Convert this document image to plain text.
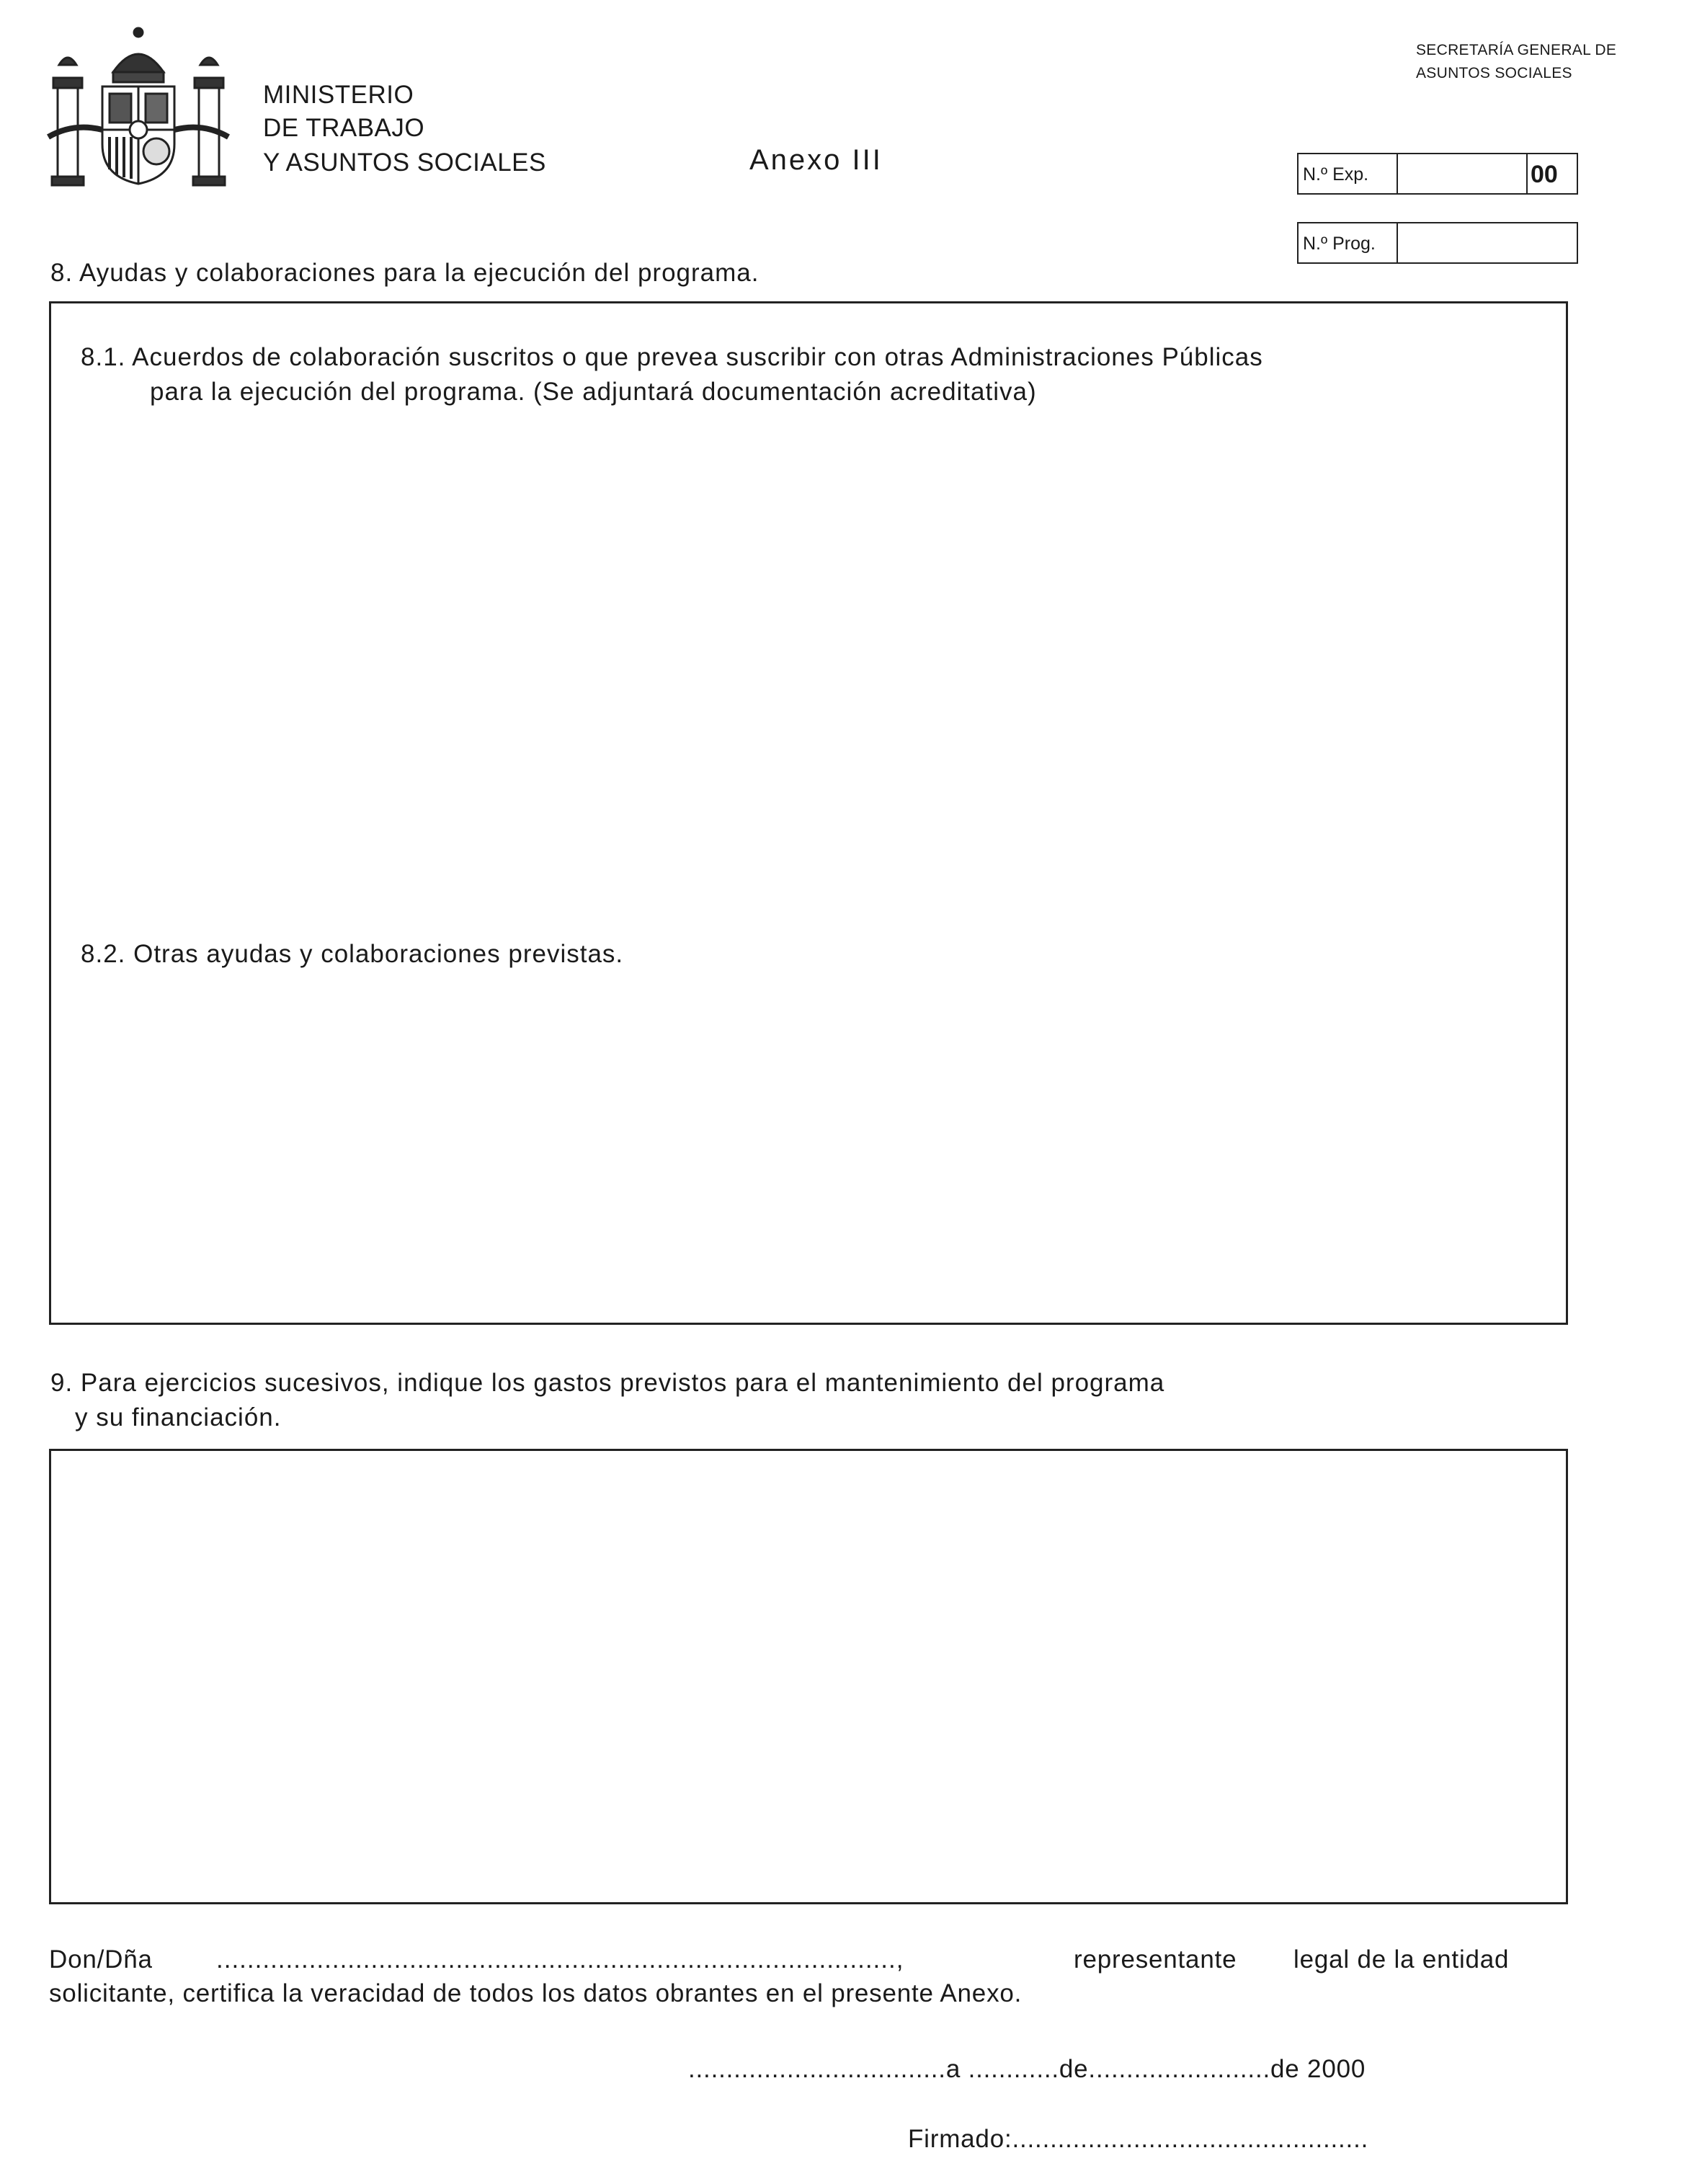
MINISTERIO
DE TRABAJO
Y ASUNTOS SOCIALES	Anexo III
SECRETARÍA GENERAL DE
ASUNTOS SOCIALES
N.º Exp.	00
N.º Prog.
8. Ayudas y colaboraciones para la ejecución del programa.
8.1. Acuerdos de colaboración suscritos o que prevea suscribir con otras Administraciones Públicas
para la ejecución del programa. (Se adjuntará documentación acreditativa)
8.2. Otras ayudas y colaboraciones previstas.
9. Para ejercicios sucesivos, indique los gastos previstos para el mantenimiento del programa
y su financiación.
Don/Dña	........................................................................................,	representante legal de la entidad
solicitante, certifica la veracidad de todos los datos obrantes en el presente Anexo.
..................................a ............de........................de 2000
Firmado:...............................................
